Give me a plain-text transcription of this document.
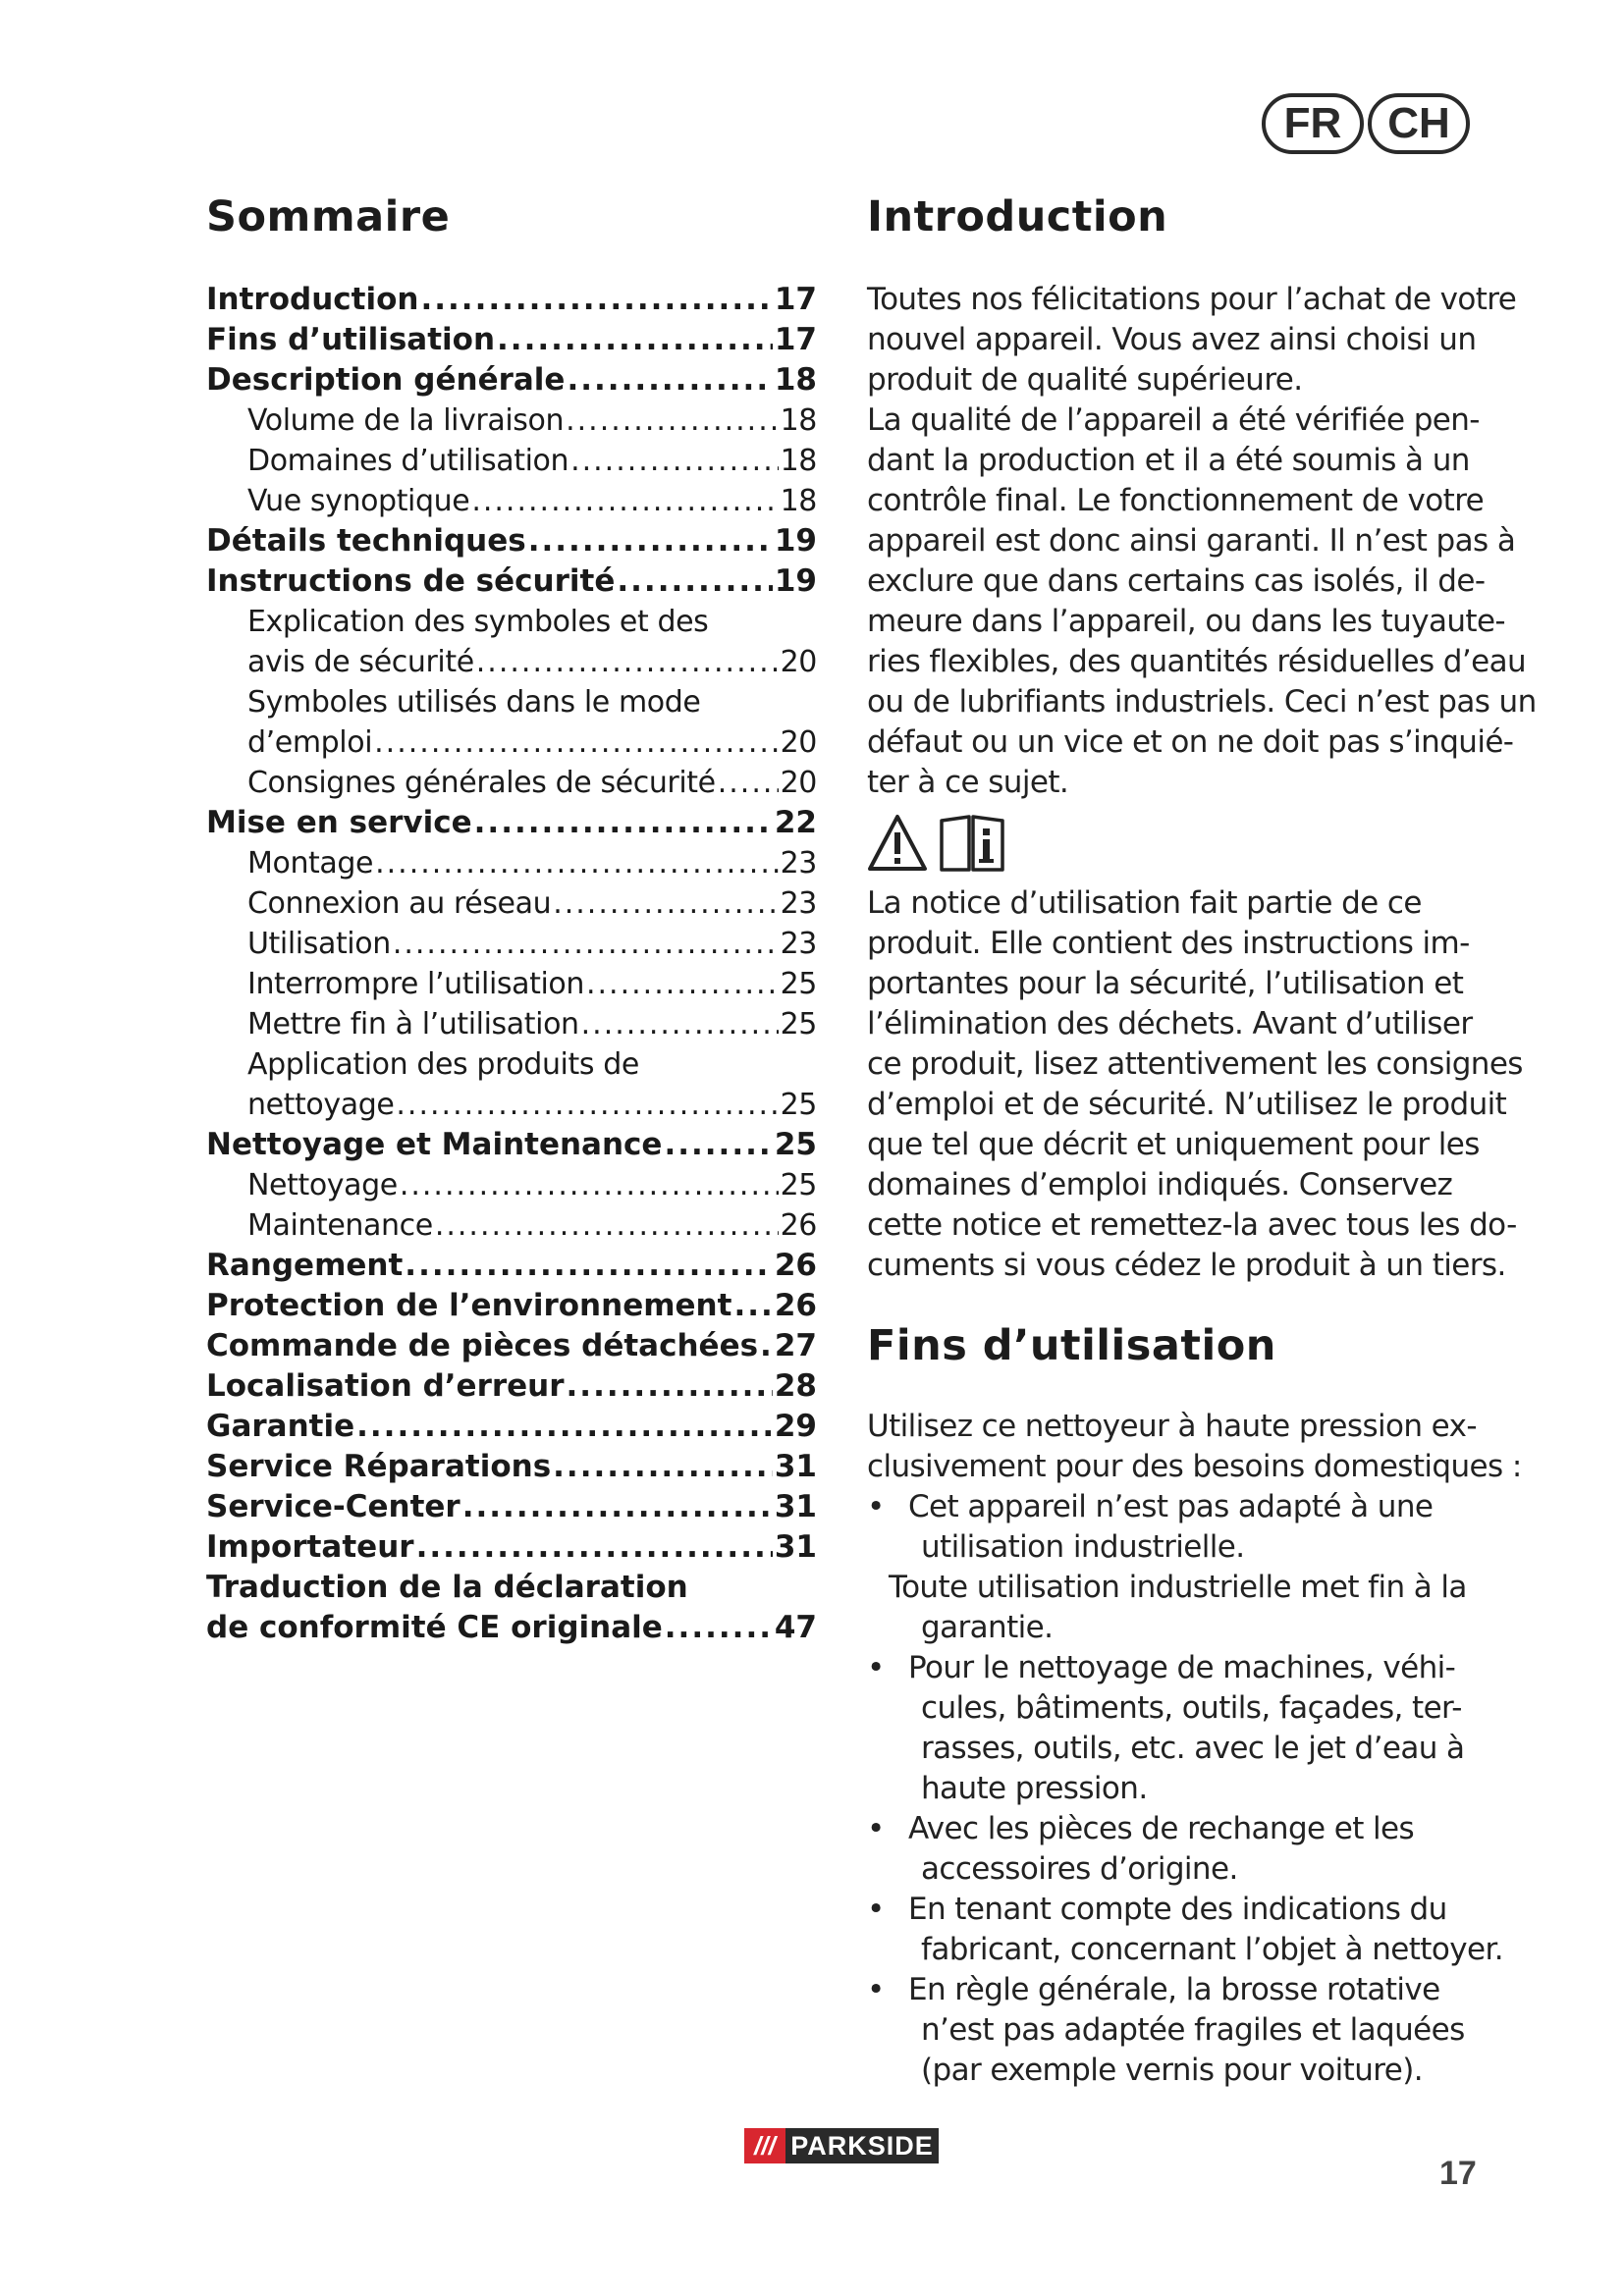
FR	CH
Sommaire
Introduction .....	17
Fins d’utilisation .....	17
Description générale .....	18
Volume de la livraison .....	18
Domaines d’utilisation .....	18
Vue synoptique .....	18
Détails techniques .....	19
Instructions de sécurité .....	19
Explication des symboles et des
avis de sécurité .....	20
Symboles utilisés dans le mode
d’emploi .....	20
Consignes générales de sécurité ..... 20
Mise en service .....	22
Montage .....	23
Connexion au réseau .....	23
Utilisation .....	23
Interrompre l’utilisation .....	25
Mettre fin à l’utilisation .....	25
Application des produits de
nettoyage .....	25
Nettoyage et Maintenance .....	25
Nettoyage .....	25
Maintenance .....	26
Rangement .....	26
Protection de l’environnement ..... 26
Commande de pièces détachées ..... 27
Localisation d’erreur .....	28
Garantie .....	29
Service Réparations .....	31
Service-Center .....	31
Importateur .....	31
Traduction de la déclaration
de conformité CE originale .....	47
Introduction
Toutes nos félicitations pour l’achat de votre
nouvel appareil. Vous avez ainsi choisi un
produit de qualité supérieure.
La qualité de l’appareil a été vérifiée pen-
dant la production et il a été soumis à un
contrôle final. Le fonctionnement de votre
appareil est donc ainsi garanti. Il n’est pas à
exclure que dans certains cas isolés, il de-
meure dans l’appareil, ou dans les tuyaute-
ries flexibles, des quantités résiduelles d’eau
ou de lubrifiants industriels. Ceci n’est pas un
défaut ou un vice et on ne doit pas s’inquié-
ter à ce sujet.
La notice d’utilisation fait partie de ce
produit. Elle contient des instructions im-
portantes pour la sécurité, l’utilisation et
l’élimination des déchets. Avant d’utiliser
ce produit, lisez attentivement les consignes
d’emploi et de sécurité. N’utilisez le produit
que tel que décrit et uniquement pour les
domaines d’emploi indiqués. Conservez
cette notice et remettez-la avec tous les do-
cuments si vous cédez le produit à un tiers.
Fins d’utilisation
Utilisez ce nettoyeur à haute pression ex-
clusivement pour des besoins domestiques :
• Cet appareil n’est pas adapté à une
utilisation industrielle.
Toute utilisation industrielle met fin à la
garantie.
• Pour le nettoyage de machines, véhi-
cules, bâtiments, outils, façades, ter-
rasses, outils, etc. avec le jet d’eau à
haute pression.
• Avec les pièces de rechange et les
accessoires d’origine.
• En tenant compte des indications du
fabricant, concernant l’objet à nettoyer.
• En règle générale, la brosse rotative
n’est pas adaptée fragiles et laquées
(par exemple vernis pour voiture).
/// PARKSIDE
17
